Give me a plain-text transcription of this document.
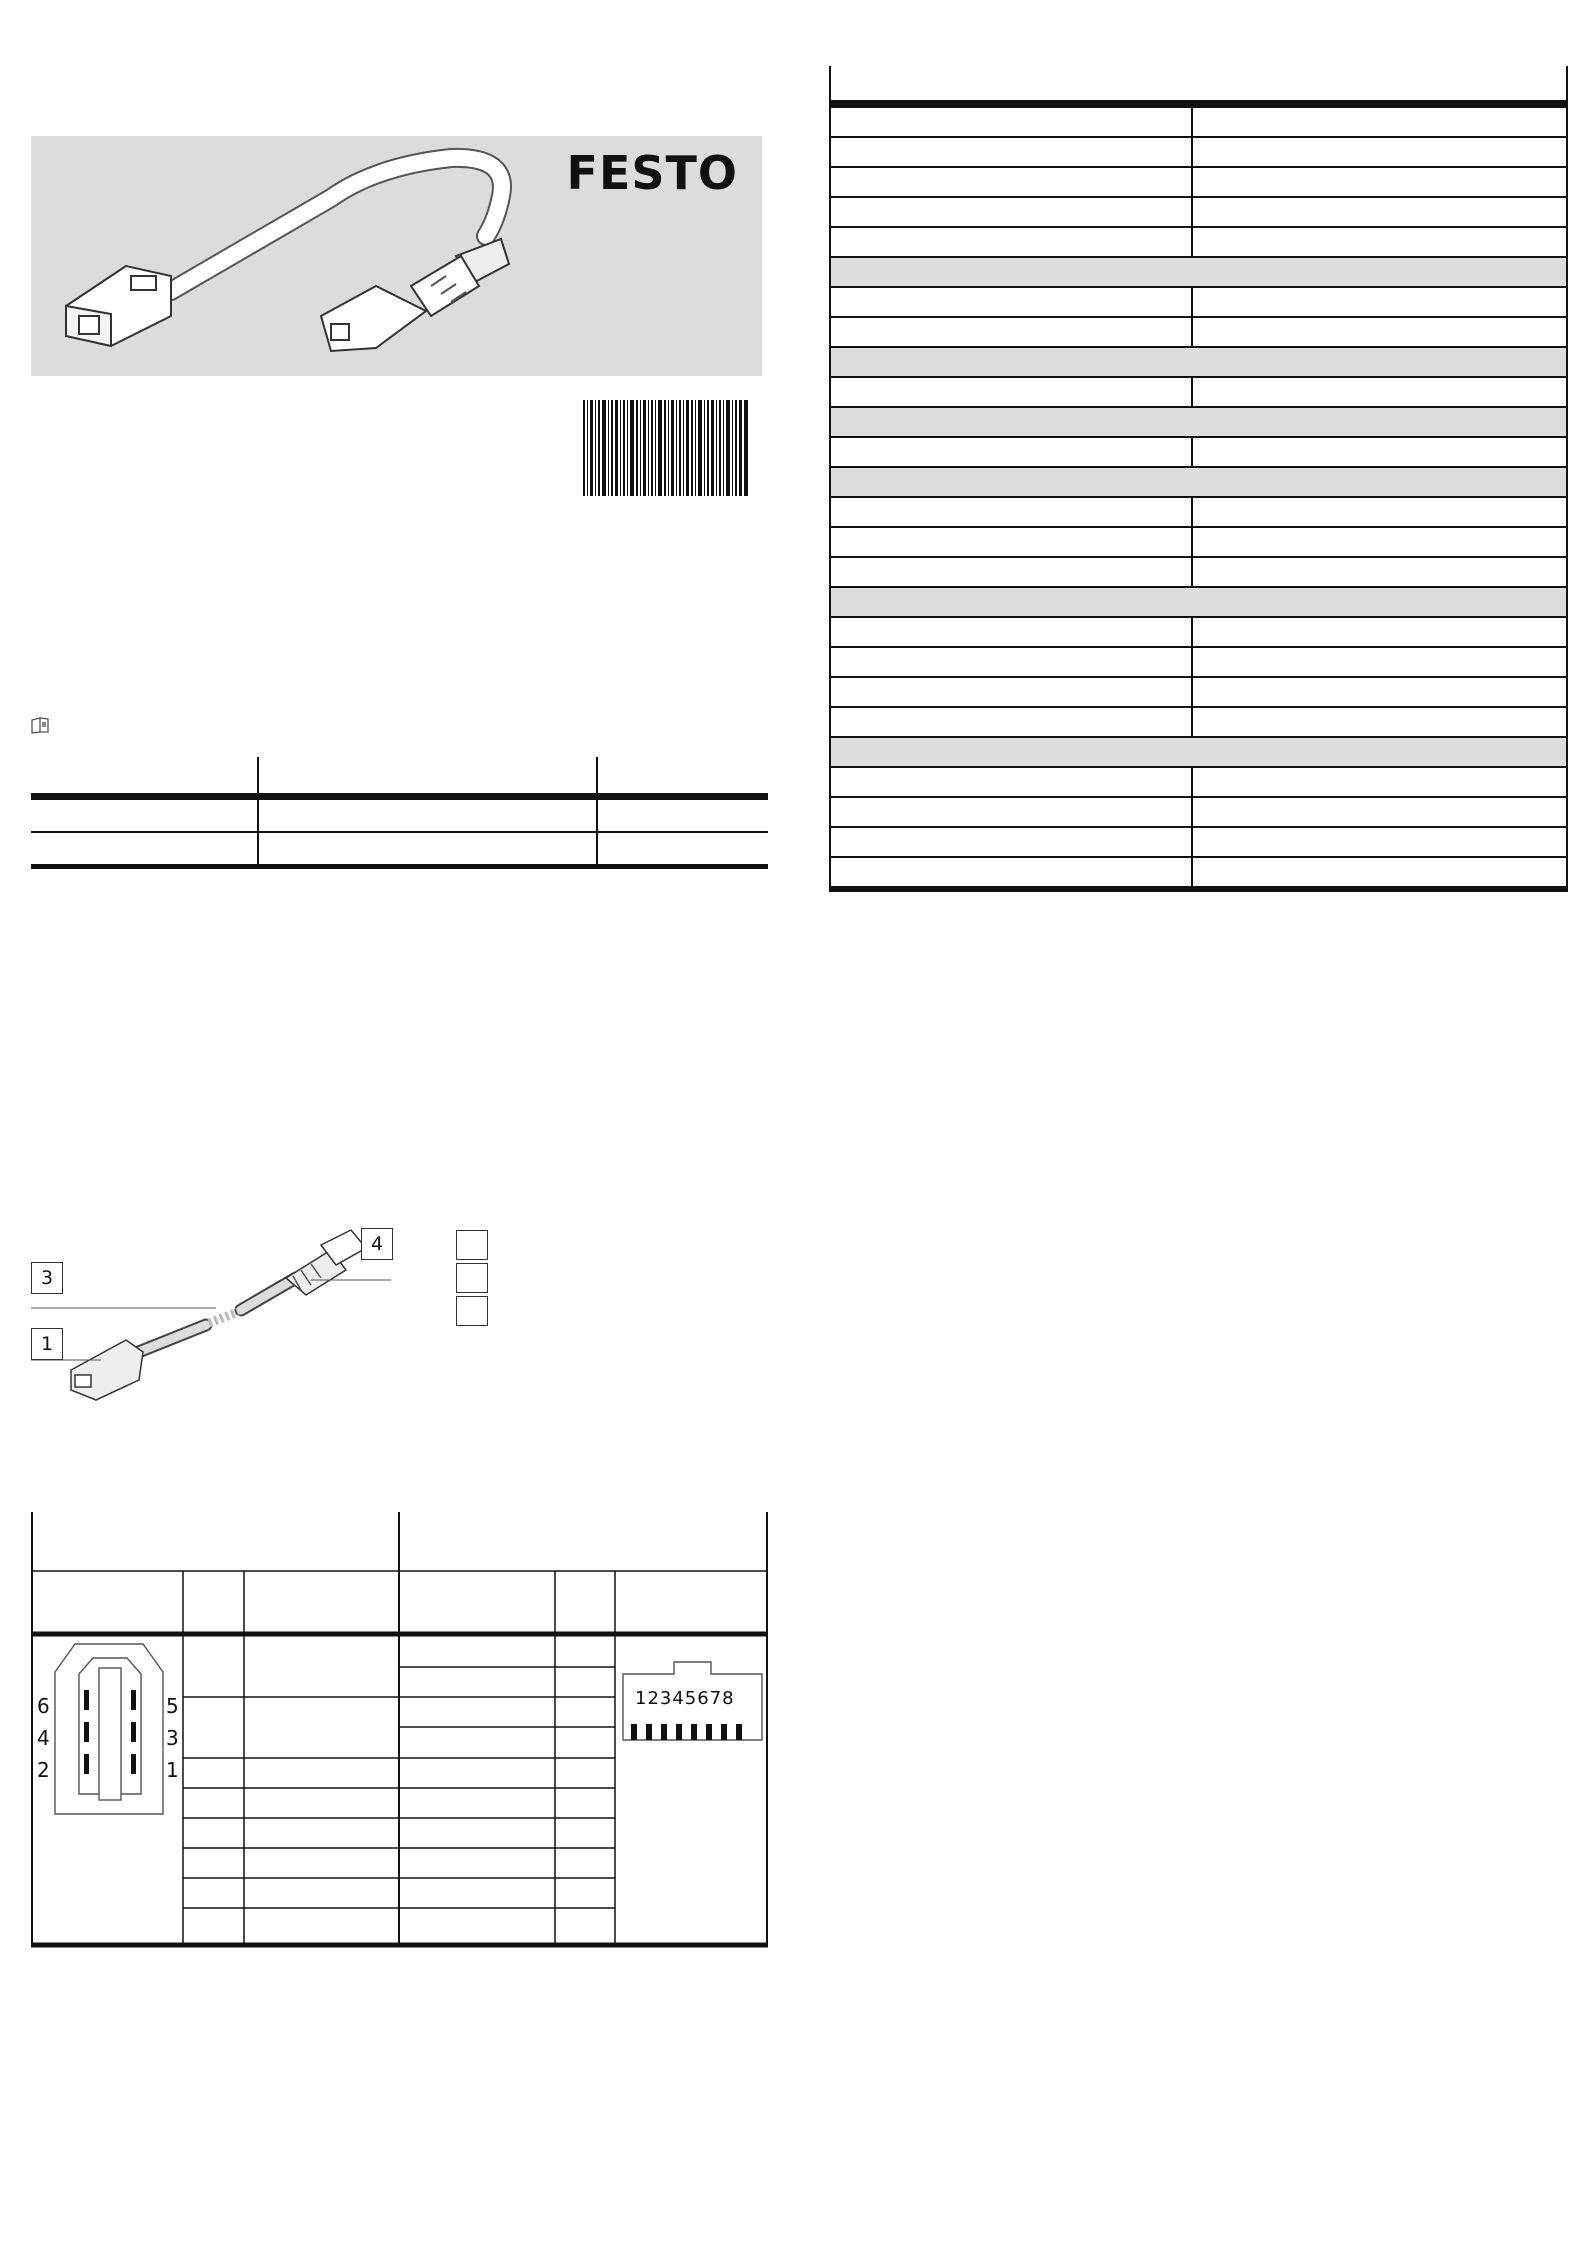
FESTO

3
1
4
6
4
2
5
3
1
12345678
